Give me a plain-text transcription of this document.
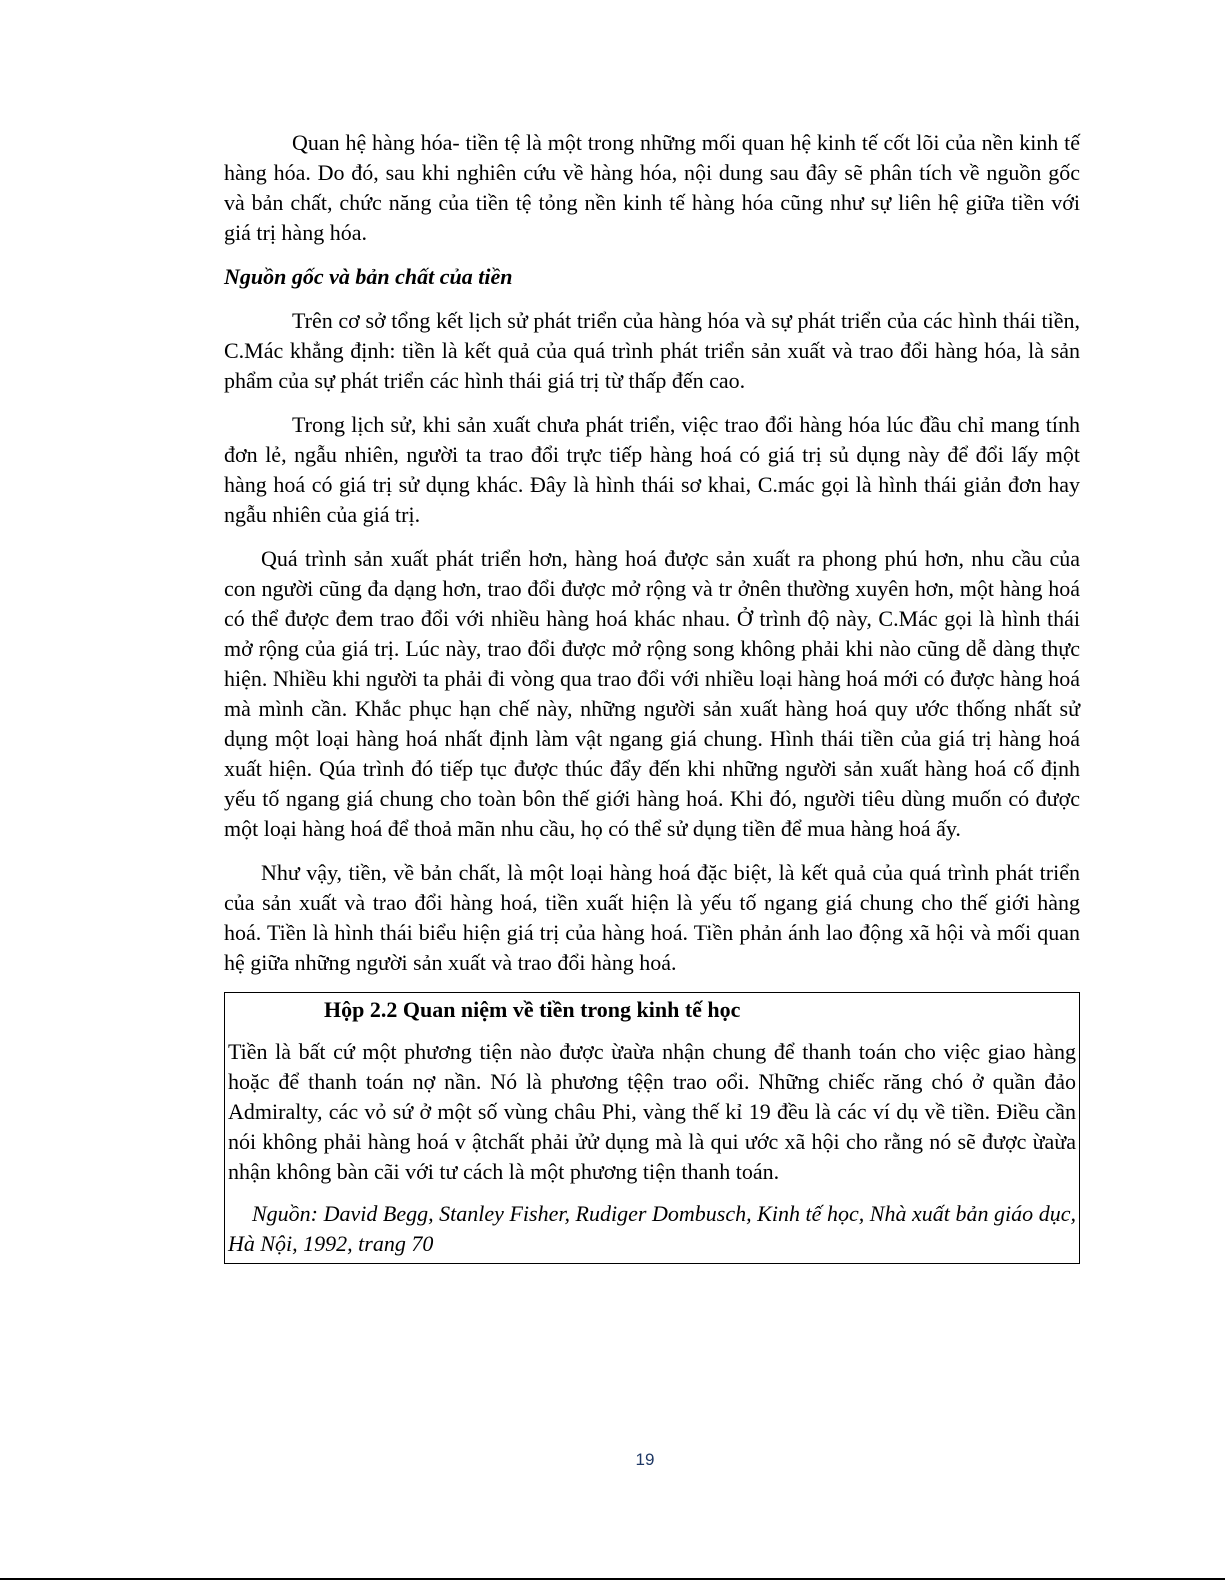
Quan hệ hàng hóa- tiền tệ là một trong những mối quan hệ kinh tế cốt lõi của nền kinh tế hàng hóa. Do đó, sau khi nghiên cứu về hàng hóa, nội dung sau đây sẽ phân tích về nguồn gốc và bản chất, chức năng của tiền tệ tỏng nền kinh tế hàng hóa cũng như sự liên hệ giữa tiền với giá trị hàng hóa.

Nguồn gốc và bản chất của tiền

Trên cơ sở tổng kết lịch sử phát triển của hàng hóa và sự phát triển của các hình thái tiền, C.Mác khẳng định: tiền là kết quả của quá trình phát triển sản xuất và trao đổi hàng hóa, là sản phẩm của sự phát triển các hình thái giá trị từ thấp đến cao.

Trong lịch sử, khi sản xuất chưa phát triển, việc trao đổi hàng hóa lúc đầu chỉ mang tính đơn lẻ, ngẫu nhiên, người ta trao đổi trực tiếp hàng hoá có giá trị sủ dụng này để đổi lấy một hàng hoá có giá trị sử dụng khác. Đây là hình thái sơ khai, C.mác gọi là hình thái giản đơn hay ngẫu nhiên của giá trị.

Quá trình sản xuất phát triển hơn, hàng hoá được sản xuất ra phong phú hơn, nhu cầu của con người cũng đa dạng hơn, trao đổi được mở rộng và tr ởnên thường xuyên hơn, một hàng hoá có thể được đem trao đổi với nhiều hàng hoá khác nhau. Ở trình độ này, C.Mác gọi là hình thái mở rộng của giá trị. Lúc này, trao đổi được mở rộng song không phải khi nào cũng dễ dàng thực hiện. Nhiều khi người ta phải đi vòng qua trao đổi với nhiều loại hàng hoá mới có được hàng hoá mà mình cần. Khắc phục hạn chế này, những người sản xuất hàng hoá quy ước thống nhất sử dụng một loại hàng hoá nhất định làm vật ngang giá chung. Hình thái tiền của giá trị hàng hoá xuất hiện. Qúa trình đó tiếp tục được thúc đẩy đến khi những người sản xuất hàng hoá cố định yếu tố ngang giá chung cho toàn bôn thế giới hàng hoá. Khi đó, người tiêu dùng muốn có được một loại hàng hoá để thoả mãn nhu cầu, họ có thể sử dụng tiền để mua hàng hoá ấy.

Như vậy, tiền, về bản chất, là một loại hàng hoá đặc biệt, là kết quả của quá trình phát triển của sản xuất và trao đổi hàng hoá, tiền xuất hiện là yếu tố ngang giá chung cho thế giới hàng hoá. Tiền là hình thái biểu hiện giá trị của hàng hoá. Tiền phản ánh lao động xã hội và mối quan hệ giữa những người sản xuất và trao đổi hàng hoá.

Hộp 2.2 Quan niệm về tiền trong kinh tế học

Tiền là bất cứ một phương tiện nào được ừaừa nhận chung để thanh toán cho việc giao hàng hoặc để thanh toán nợ nần. Nó là phương tệện trao oổi. Những chiếc răng chó ở quần đảo Admiralty, các vỏ sứ ở một số vùng châu Phi, vàng thế kỉ 19 đều là các ví dụ về tiền. Điều cần nói không phải hàng hoá v ậtchất phải ửử dụng mà là qui ước xã hội cho rằng nó sẽ được ừaừa nhận không bàn cãi với tư cách là một phương tiện thanh toán.

Nguồn: David Begg, Stanley Fisher, Rudiger Dombusch, Kinh tế học, Nhà xuất bản giáo dục, Hà Nội, 1992, trang 70

19
